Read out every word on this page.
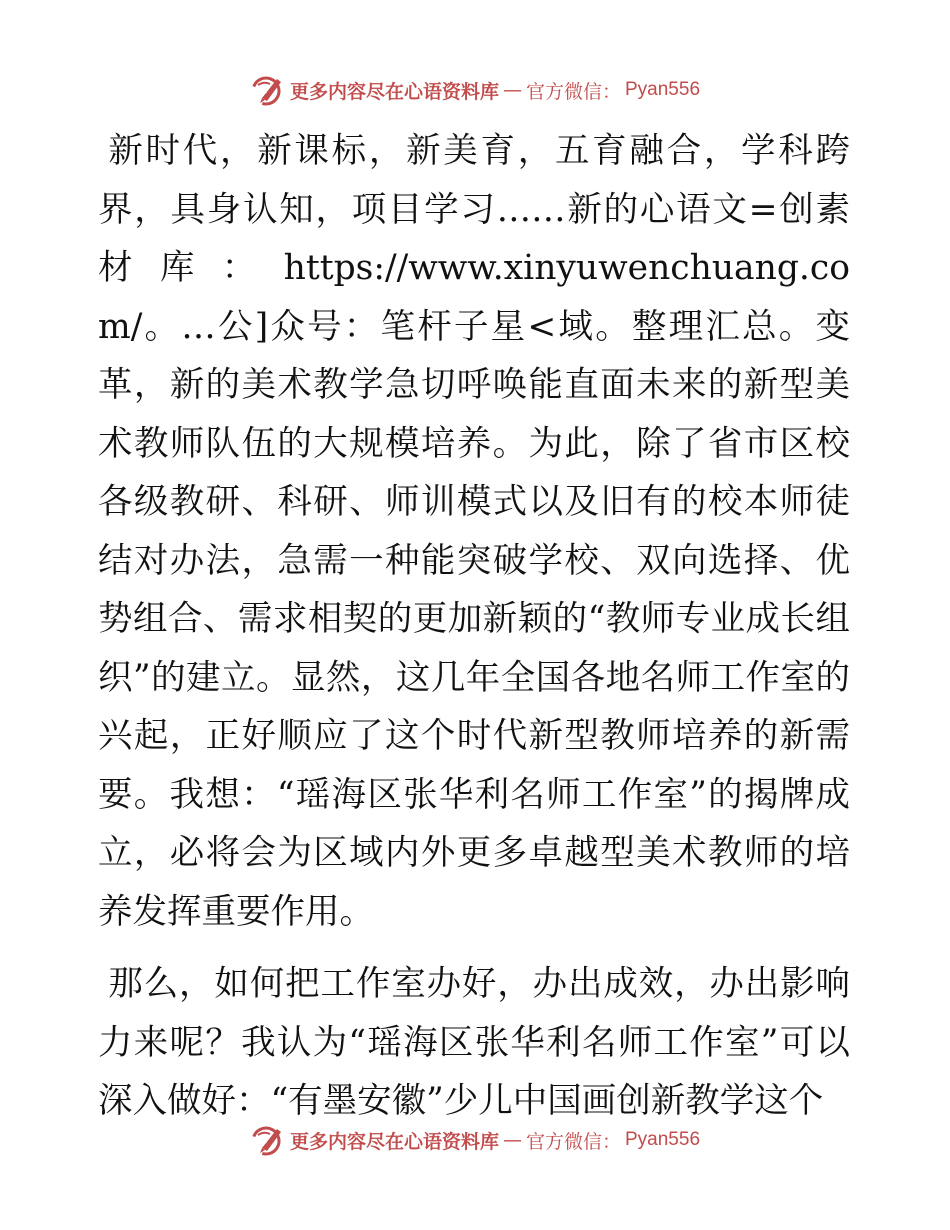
更多内容尽在心语资料库 — 官方微信： Pyan556

新时代，新课标，新美育，五育融合，学科跨界，具身认知，项目学习……新的心语文=创素材库：https://www.xinyuwenchuang.com/。…公]众号：笔杆子星<域。整理汇总。变革，新的美术教学急切呼唤能直面未来的新型美术教师队伍的大规模培养。为此，除了省市区校各级教研、科研、师训模式以及旧有的校本师徒结对办法，急需一种能突破学校、双向选择、优势组合、需求相契的更加新颖的“教师专业成长组织”的建立。显然，这几年全国各地名师工作室的兴起，正好顺应了这个时代新型教师培养的新需要。我想：“瑶海区张华利名师工作室”的揭牌成立，必将会为区域内外更多卓越型美术教师的培养发挥重要作用。

那么，如何把工作室办好，办出成效，办出影响力来呢？我认为“瑶海区张华利名师工作室”可以深入做好：“有墨安徽”少儿中国画创新教学这个

更多内容尽在心语资料库 — 官方微信： Pyan556
